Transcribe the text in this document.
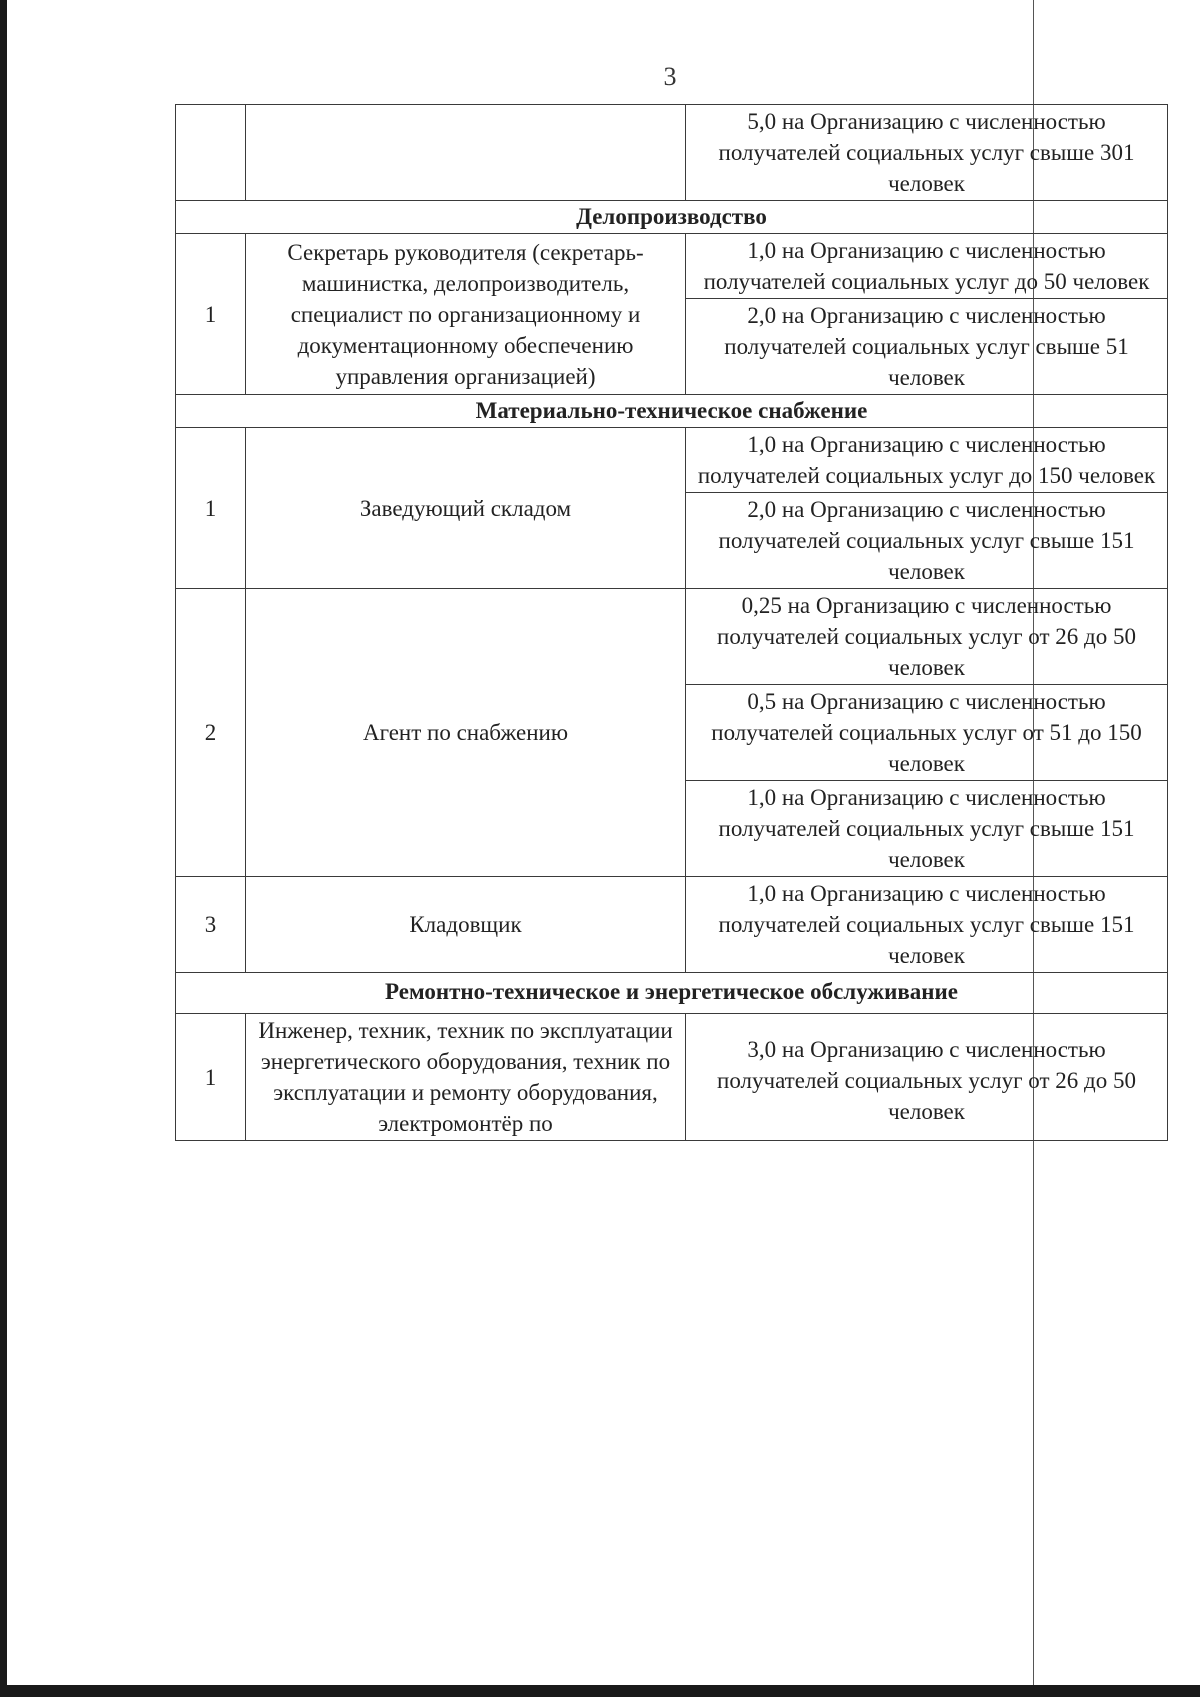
3
		5,0 на Организацию с численностью получателей социальных услуг свыше 301 человек
Делопроизводство		
1	Секретарь руководителя (секретарь-машинистка, делопроизводитель, специалист по организационному и документационному обеспечению управления организацией)	1,0 на Организацию с численностью получателей социальных услуг до 50 человек
		2,0 на Организацию с численностью получателей социальных услуг свыше 51 человек
Материально-техническое снабжение		
1	Заведующий складом	1,0 на Организацию с численностью получателей социальных услуг до 150 человек
		2,0 на Организацию с численностью получателей социальных услуг свыше 151 человек
2	Агент по снабжению	0,25 на Организацию с численностью получателей социальных услуг от 26 до 50 человек
		0,5 на Организацию с численностью получателей социальных услуг от 51 до 150 человек
		1,0 на Организацию с численностью получателей социальных услуг свыше 151 человек
3	Кладовщик	1,0 на Организацию с численностью получателей социальных услуг свыше 151 человек
Ремонтно-техническое и энергетическое обслуживание		
1	Инженер, техник, техник по эксплуатации энергетического оборудования, техник по эксплуатации и ремонту оборудования, электромонтёр по	3,0 на Организацию с численностью получателей социальных услуг от 26 до 50 человек
